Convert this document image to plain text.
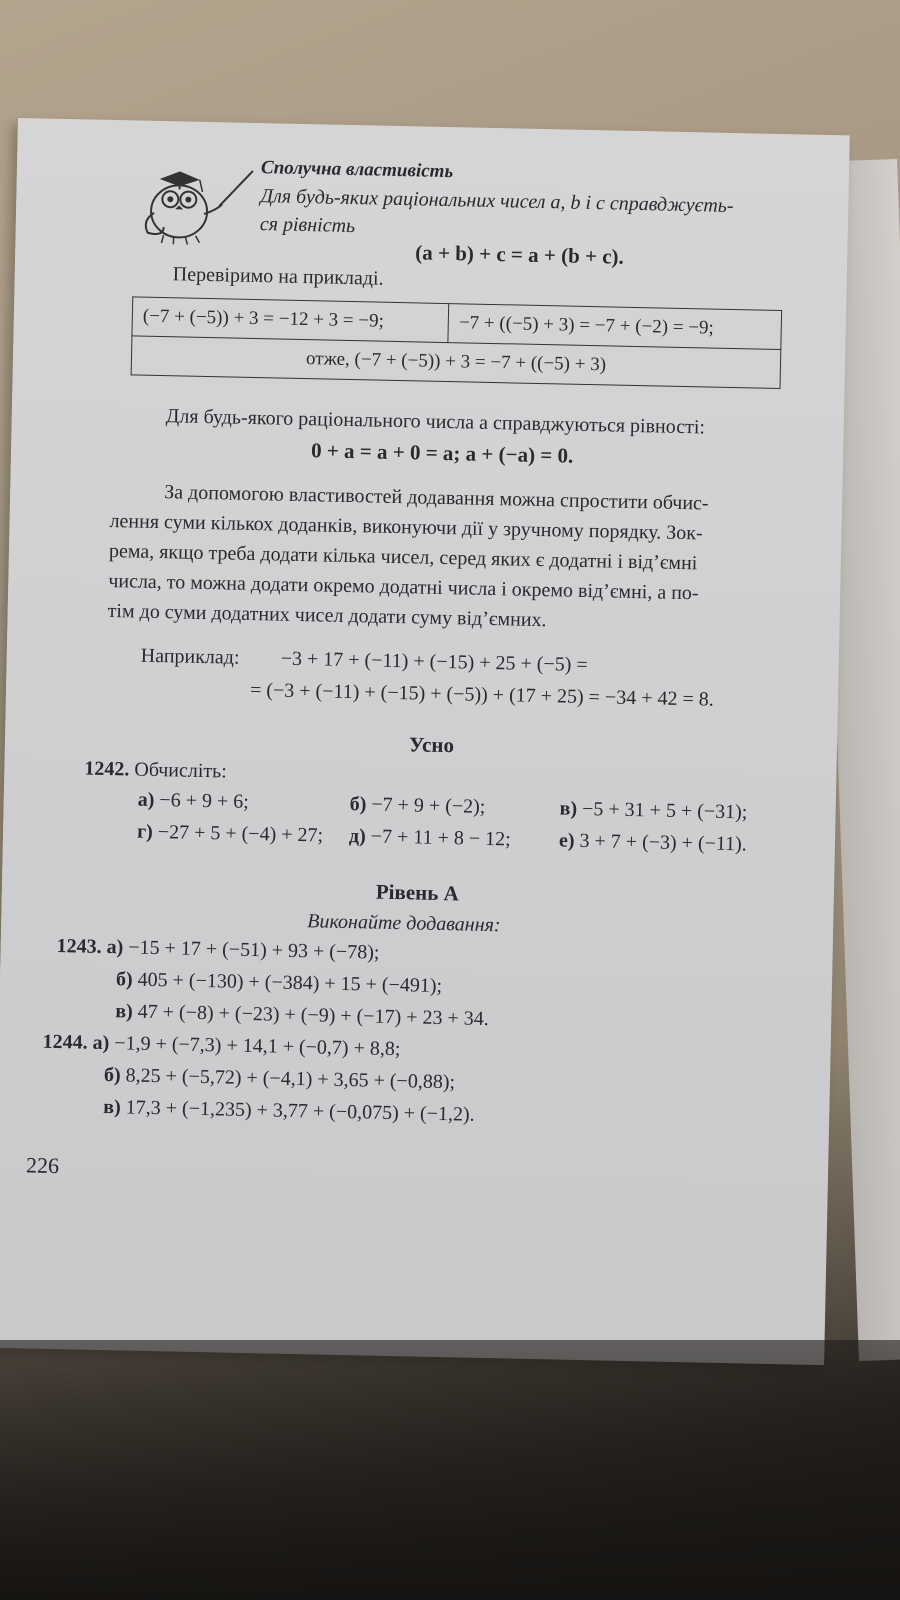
Сполучна властивість
Для будь-яких раціональних чисел a, b і c справджуєть-
ся рівність
(a + b) + c = a + (b + c).
Перевіримо на прикладі.
(−7 + (−5)) + 3 = −12 + 3 = −9;	−7 + ((−5) + 3) = −7 + (−2) = −9;
отже, (−7 + (−5)) + 3 = −7 + ((−5) + 3)
Для будь-якого раціонального числа a справджуються рівності:
0 + a = a + 0 = a; a + (−a) = 0.
За допомогою властивостей додавання можна спростити обчис-
лення суми кількох доданків, виконуючи дії у зручному порядку. Зок-
рема, якщо треба додати кілька чисел, серед яких є додатні і від’ємні
числа, то можна додати окремо додатні числа і окремо від’ємні, а по-
тім до суми додатних чисел додати суму від’ємних.
Наприклад: −3 + 17 + (−11) + (−15) + 25 + (−5) =
= (−3 + (−11) + (−15) + (−5)) + (17 + 25) = −34 + 42 = 8.
Усно
1242. Обчисліть:
а) −6 + 9 + 6;	б) −7 + 9 + (−2);	в) −5 + 31 + 5 + (−31);
г) −27 + 5 + (−4) + 27; д) −7 + 11 + 8 − 12; е) 3 + 7 + (−3) + (−11).
Рівень А
Виконайте додавання:
1243. а) −15 + 17 + (−51) + 93 + (−78);
б) 405 + (−130) + (−384) + 15 + (−491);
в) 47 + (−8) + (−23) + (−9) + (−17) + 23 + 34.
1244. а) −1,9 + (−7,3) + 14,1 + (−0,7) + 8,8;
б) 8,25 + (−5,72) + (−4,1) + 3,65 + (−0,88);
в) 17,3 + (−1,235) + 3,77 + (−0,075) + (−1,2).
226
